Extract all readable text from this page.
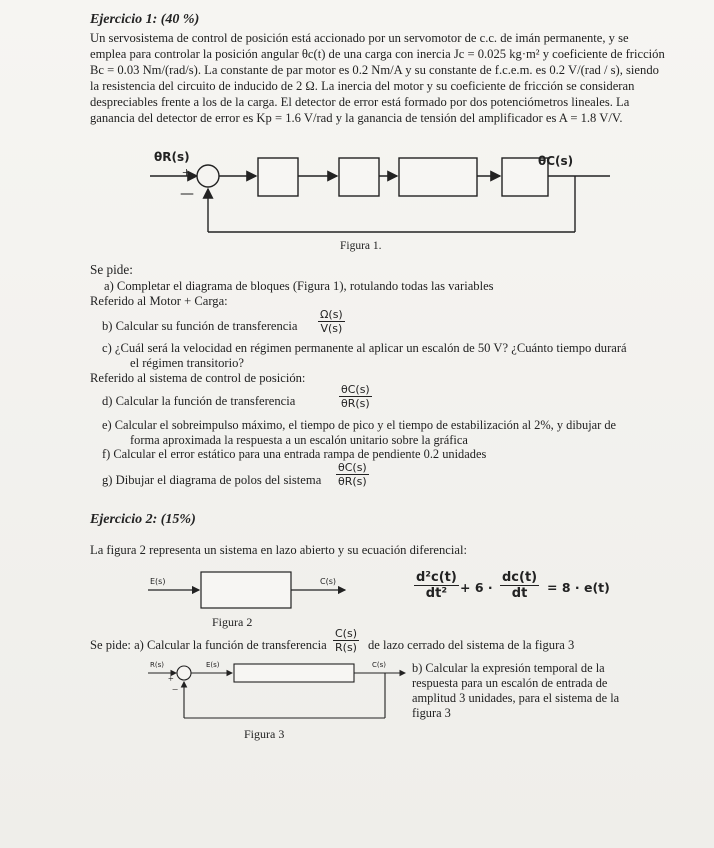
Ejercicio 1: (40 %)
Un servosistema de control de posición está accionado por un servomotor de c.c. de imán permanente, y se
emplea para controlar la posición angular θc(t) de una carga con inercia Jc = 0.025 kg·m² y coeficiente de fricción
Bc = 0.03 Nm/(rad/s). La constante de par motor es 0.2 Nm/A y su constante de f.c.e.m. es 0.2 V/(rad / s), siendo
la resistencia del circuito de inducido de 2 Ω. La inercia del motor y su coeficiente de fricción se consideran
despreciables frente a los de la carga. El detector de error está formado por dos potenciómetros lineales. La
ganancia del detector de error es Kp = 1.6 V/rad y la ganancia de tensión del amplificador es A = 1.8 V/V.
—
θR(s)	θC(s)
+
Figura 1.
Se pide:
a) Completar el diagrama de bloques (Figura 1), rotulando todas las variables
Referido al Motor + Carga:
b) Calcular su función de transferencia $\frac{\Omega(s)}{V(s)}$
c) ¿Cuál será la velocidad en régimen permanente al aplicar un escalón de 50 V? ¿Cuánto tiempo durará
el régimen transitorio?
Referido al sistema de control de posición:
d) Calcular la función de transferencia	$\frac{\theta C(s)}{\theta R(s)}$
e) Calcular el sobreimpulso máximo, el tiempo de pico y el tiempo de estabilización al 2%, y dibujar de
forma aproximada la respuesta a un escalón unitario sobre la gráfica
f) Calcular el error estático para una entrada rampa de pendiente 0.2 unidades
g) Dibujar el diagrama de polos del sistema $\frac{\theta C(s)}{\theta R(s)}$
Ejercicio 2: (15%)
La figura 2 representa un sistema en lazo abierto y su ecuación diferencial:
E(s)	C(s)
Figura 2
$\frac{\text{d²c(t)}}{\text{dt²}} + 6 \cdot \frac{dc(t)}{dt} = 8 \cdot e(t)$
Se pide: a) Calcular la función de transferencia $\frac{C(s)}{R(s)}$ de lazo cerrado del sistema de la figura 3
R(s)	E(s)	C(s)
+
−
Figura 3
b) Calcular la expresión temporal de la
respuesta para un escalón de entrada de
amplitud 3 unidades, para el sistema de la
figura 3
